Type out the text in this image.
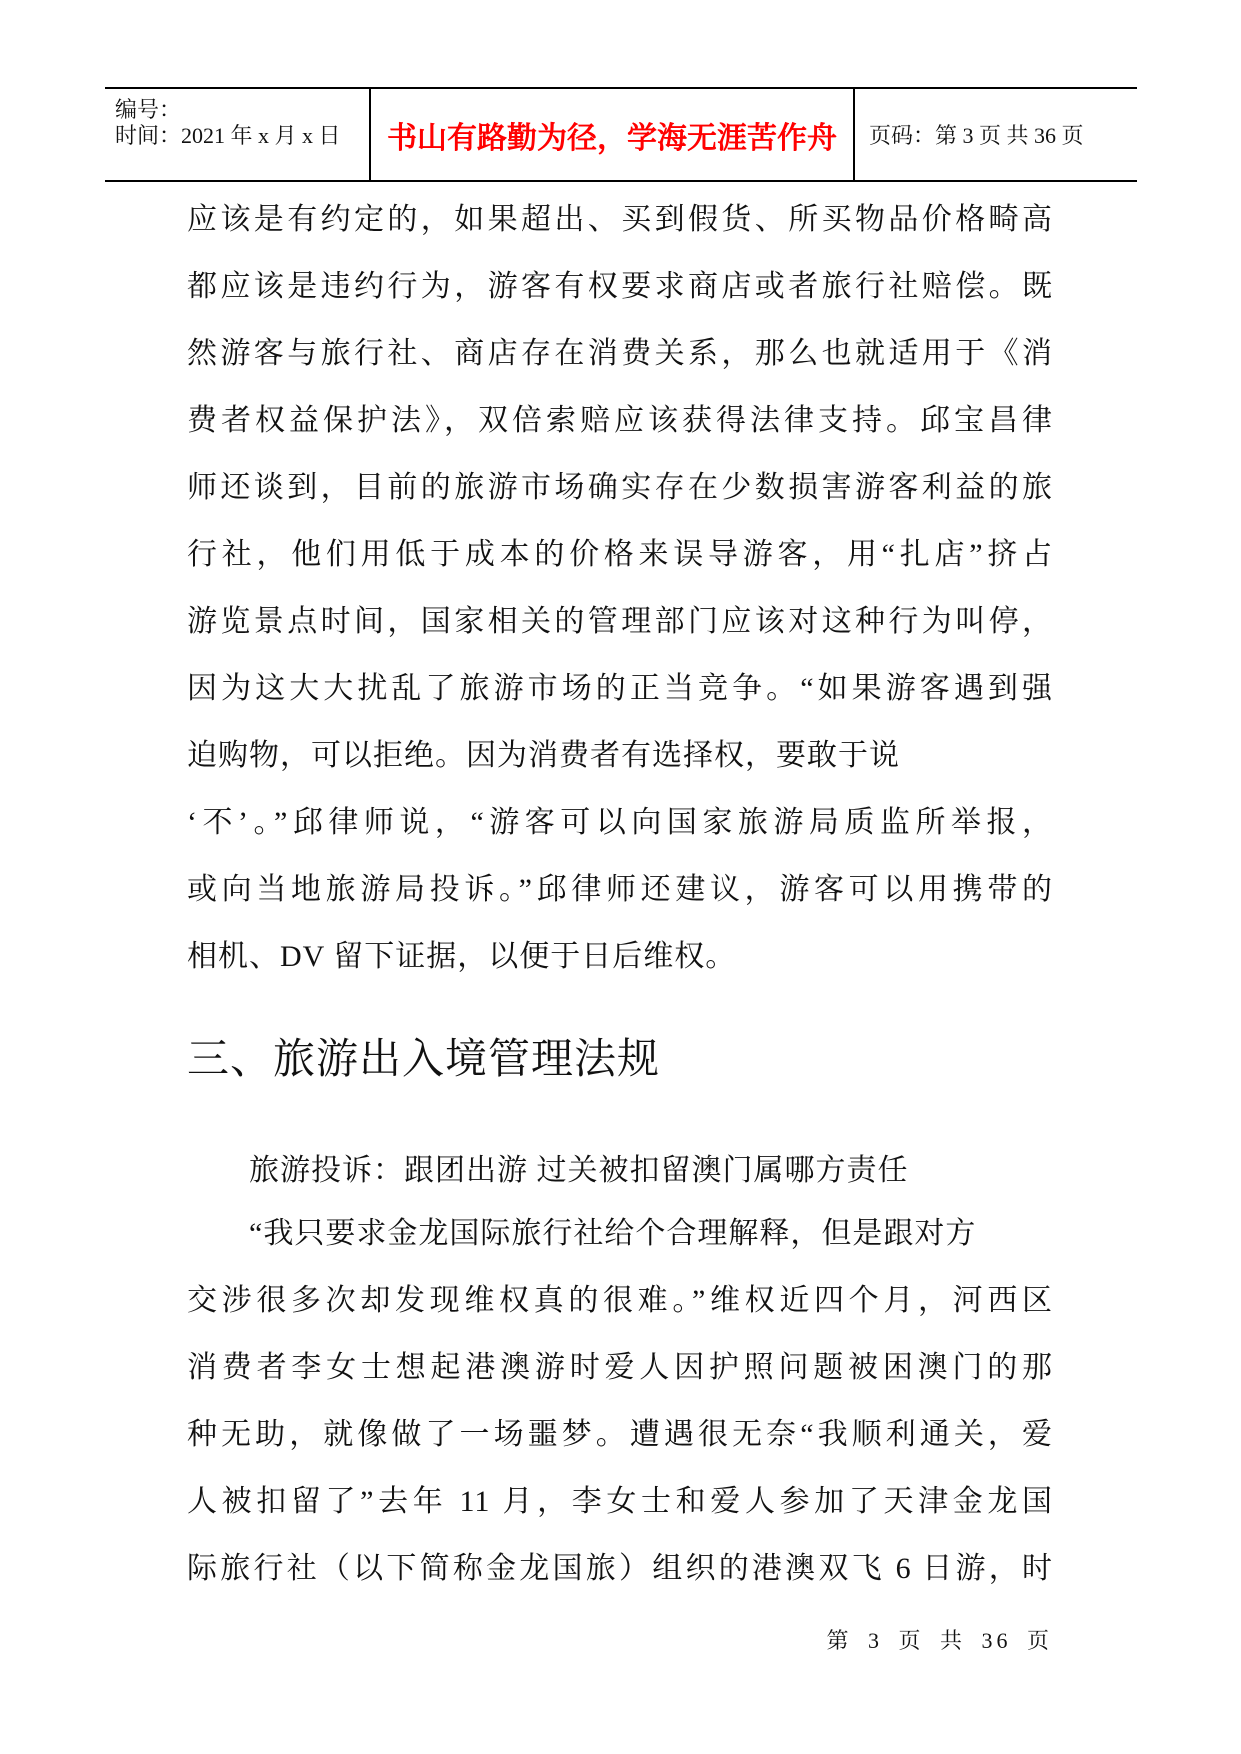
编号：
时间：2021 年 x 月 x 日	书山有路勤为径，学海无涯苦作舟 页码：第 3 页 共 36 页
应该是有约定的，如果超出、买到假货、所买物品价格畸高
都应该是违约行为，游客有权要求商店或者旅行社赔偿。既
然游客与旅行社、商店存在消费关系，那么也就适用于《消
费者权益保护法》，双倍索赔应该获得法律支持。邱宝昌律
师还谈到，目前的旅游市场确实存在少数损害游客利益的旅
行社，他们用低于成本的价格来误导游客，用“扎店”挤占
游览景点时间，国家相关的管理部门应该对这种行为叫停，
因为这大大扰乱了旅游市场的正当竞争。“如果游客遇到强
迫购物，可以拒绝。因为消费者有选择权，要敢于说
‘不’。”邱律师说，“游客可以向国家旅游局质监所举报，
或向当地旅游局投诉。”邱律师还建议，游客可以用携带的
相机、DV 留下证据，以便于日后维权。
三、旅游出入境管理法规
旅游投诉：跟团出游 过关被扣留澳门属哪方责任
“我只要求金龙国际旅行社给个合理解释，但是跟对方
交涉很多次却发现维权真的很难。”维权近四个月，河西区
消费者李女士想起港澳游时爱人因护照问题被困澳门的那
种无助，就像做了一场噩梦。遭遇很无奈“我顺利通关，爱
人被扣留了”去年 11 月，李女士和爱人参加了天津金龙国
际旅行社（以下简称金龙国旅）组织的港澳双飞 6 日游，时
第 3 页 共 36 页
